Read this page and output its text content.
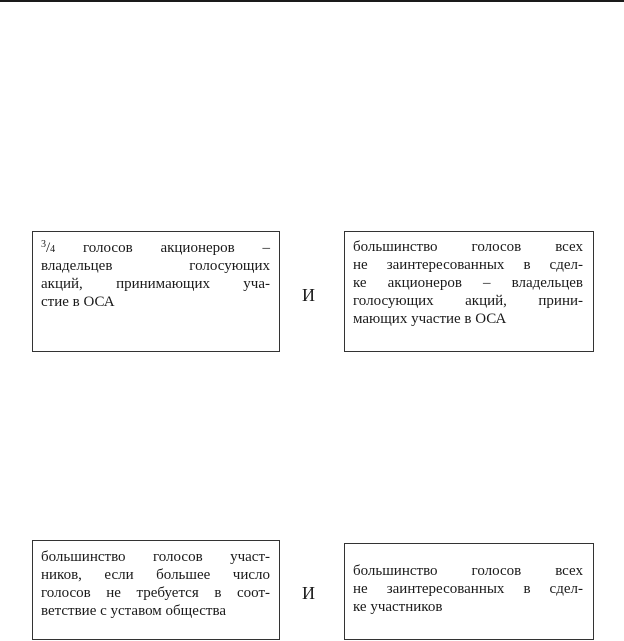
$^3$/4 голосов акционеров –
владельцев голосующих
акций, принимающих уча-
стие в ОСА	И
большинство голосов всех
не заинтересованных в сдел-
ке акционеров – владельцев
голосующих акций, прини-
мающих участие в ОСА
большинство голосов участ-
ников, если большее число
голосов не требуется в соот-
ветствие с уставом общества
И
большинство голосов всех
не заинтересованных в сдел-
ке участников
